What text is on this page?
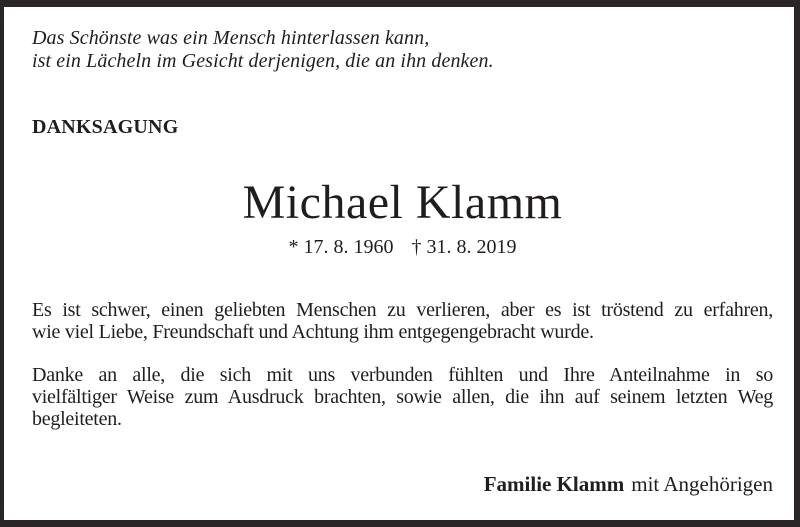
Das Schönste was ein Mensch hinterlassen kann,
ist ein Lächeln im Gesicht derjenigen, die an ihn denken.
DANKSAGUNG
Michael Klamm
* 17. 8. 1960 † 31. 8. 2019
Es ist schwer, einen geliebten Menschen zu verlieren, aber es ist tröstend zu erfahren,
wie viel Liebe, Freundschaft und Achtung ihm entgegengebracht wurde.
Danke an alle, die sich mit uns verbunden fühlten und Ihre Anteilnahme in so
vielfältiger Weise zum Ausdruck brachten, sowie allen, die ihn auf seinem letzten Weg
begleiteten.
Familie Klamm mit Angehörigen
